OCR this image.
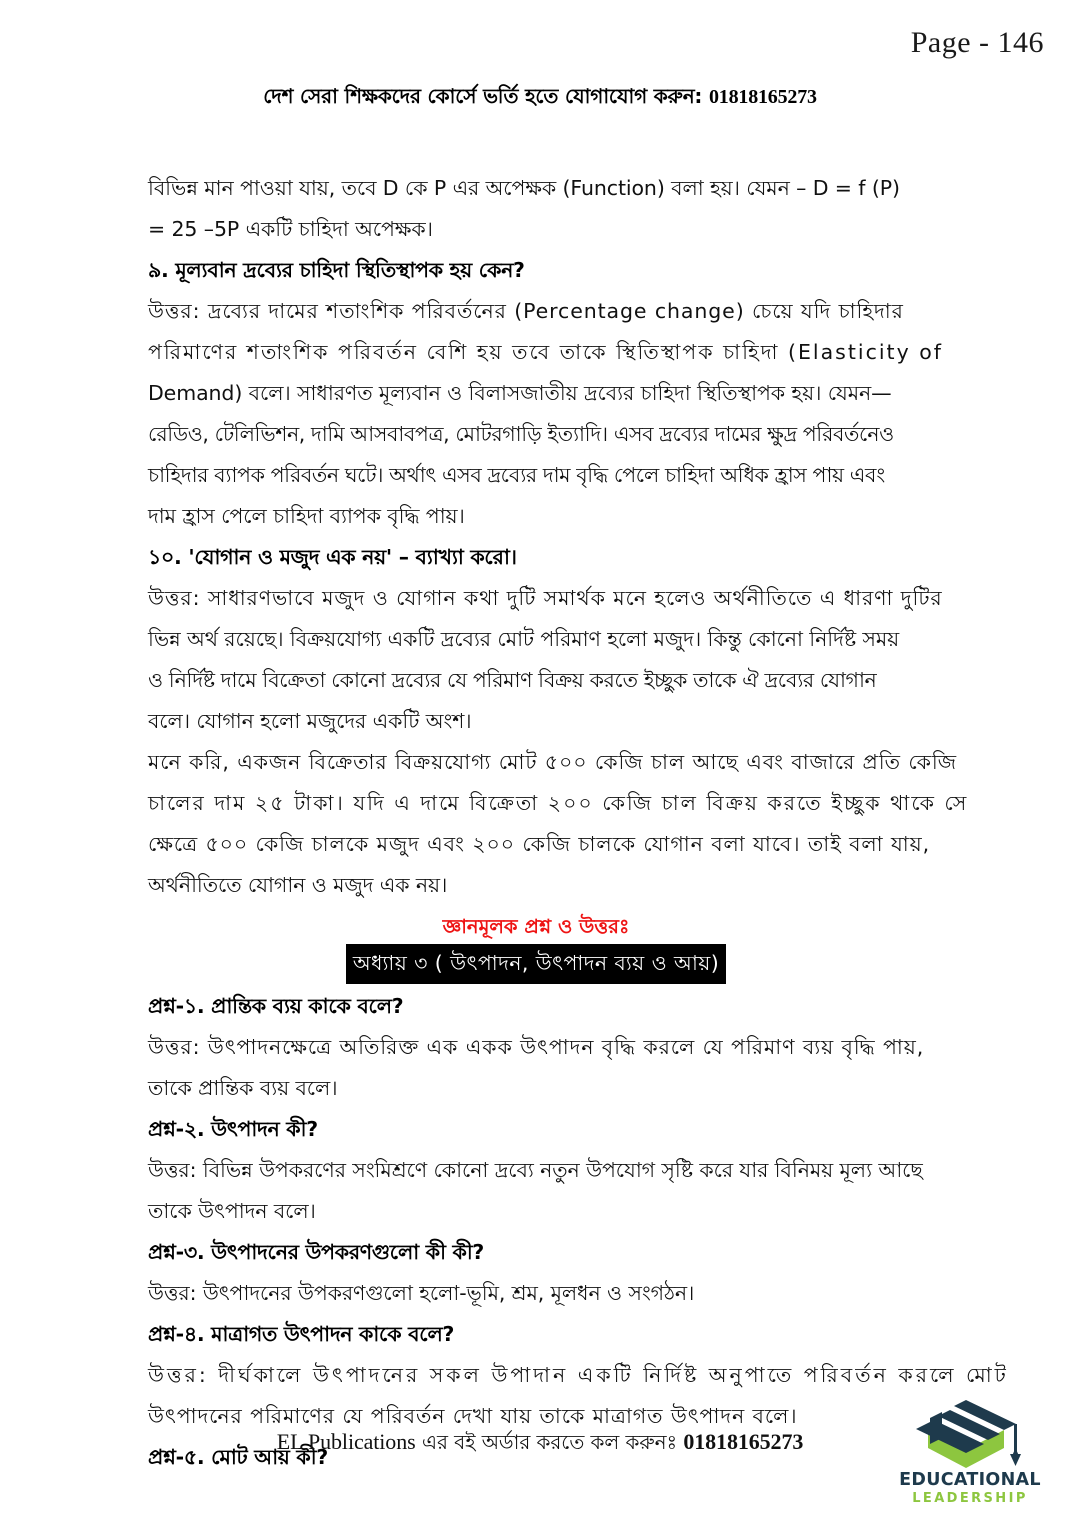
Page - 146
দেশ সেরা শিক্ষকদের কোর্সে ভর্তি হতে যোগাযোগ করুন: 01818165273
বিভিন্ন মান পাওয়া যায়, তবে D কে P এর অপেক্ষক (Function) বলা হয়। যেমন – D = f (P)
= 25 –5P একটি চাহিদা অপেক্ষক।
৯. মূল্যবান দ্রব্যের চাহিদা স্থিতিস্থাপক হয় কেন?
উত্তর: দ্রব্যের দামের শতাংশিক পরিবর্তনের (Percentage change) চেয়ে যদি চাহিদার
পরিমাণের শতাংশিক পরিবর্তন বেশি হয় তবে তাকে স্থিতিস্থাপক চাহিদা (Elasticity of
Demand) বলে। সাধারণত মূল্যবান ও বিলাসজাতীয় দ্রব্যের চাহিদা স্থিতিস্থাপক হয়। যেমন—
রেডিও, টেলিভিশন, দামি আসবাবপত্র, মোটরগাড়ি ইত্যাদি। এসব দ্রব্যের দামের ক্ষুদ্র পরিবর্তনেও
চাহিদার ব্যাপক পরিবর্তন ঘটে। অর্থাৎ এসব দ্রব্যের দাম বৃদ্ধি পেলে চাহিদা অধিক হ্রাস পায় এবং
দাম হ্রাস পেলে চাহিদা ব্যাপক বৃদ্ধি পায়।
১০. 'যোগান ও মজুদ এক নয়' – ব্যাখ্যা করো।
উত্তর: সাধারণভাবে মজুদ ও যোগান কথা দুটি সমার্থক মনে হলেও অর্থনীতিতে এ ধারণা দুটির
ভিন্ন অর্থ রয়েছে। বিক্রয়যোগ্য একটি দ্রব্যের মোট পরিমাণ হলো মজুদ। কিন্তু কোনো নির্দিষ্ট সময়
ও নির্দিষ্ট দামে বিক্রেতা কোনো দ্রব্যের যে পরিমাণ বিক্রয় করতে ইচ্ছুক তাকে ঐ দ্রব্যের যোগান
বলে। যোগান হলো মজুদের একটি অংশ।
মনে করি, একজন বিক্রেতার বিক্রয়যোগ্য মোট ৫০০ কেজি চাল আছে এবং বাজারে প্রতি কেজি
চালের দাম ২৫ টাকা। যদি এ দামে বিক্রেতা ২০০ কেজি চাল বিক্রয় করতে ইচ্ছুক থাকে সে
ক্ষেত্রে ৫০০ কেজি চালকে মজুদ এবং ২০০ কেজি চালকে যোগান বলা যাবে। তাই বলা যায়,
অর্থনীতিতে যোগান ও মজুদ এক নয়।
জ্ঞানমূলক প্রশ্ন ও উত্তরঃ
অধ্যায় ৩ ( উৎপাদন, উৎপাদন ব্যয় ও আয়)
প্রশ্ন-১. প্রান্তিক ব্যয় কাকে বলে?
উত্তর: উৎপাদনক্ষেত্রে অতিরিক্ত এক একক উৎপাদন বৃদ্ধি করলে যে পরিমাণ ব্যয় বৃদ্ধি পায়,
তাকে প্রান্তিক ব্যয় বলে।
প্রশ্ন-২. উৎপাদন কী?
উত্তর: বিভিন্ন উপকরণের সংমিশ্রণে কোনো দ্রব্যে নতুন উপযোগ সৃষ্টি করে যার বিনিময় মূল্য আছে
তাকে উৎপাদন বলে।
প্রশ্ন-৩. উৎপাদনের উপকরণগুলো কী কী?
উত্তর: উৎপাদনের উপকরণগুলো হলো-ভূমি, শ্রম, মূলধন ও সংগঠন।
প্রশ্ন-৪. মাত্রাগত উৎপাদন কাকে বলে?
উত্তর: দীর্ঘকালে উৎপাদনের সকল উপাদান একটি নির্দিষ্ট অনুপাতে পরিবর্তন করলে মোট
উৎপাদনের পরিমাণের যে পরিবর্তন দেখা যায় তাকে মাত্রাগত উৎপাদন বলে।
প্রশ্ন-৫. মোট আয় কী?
EL Publications এর বই অর্ডার করতে কল করুনঃ 01818165273
EDUCATIONAL
LEADERSHIP
